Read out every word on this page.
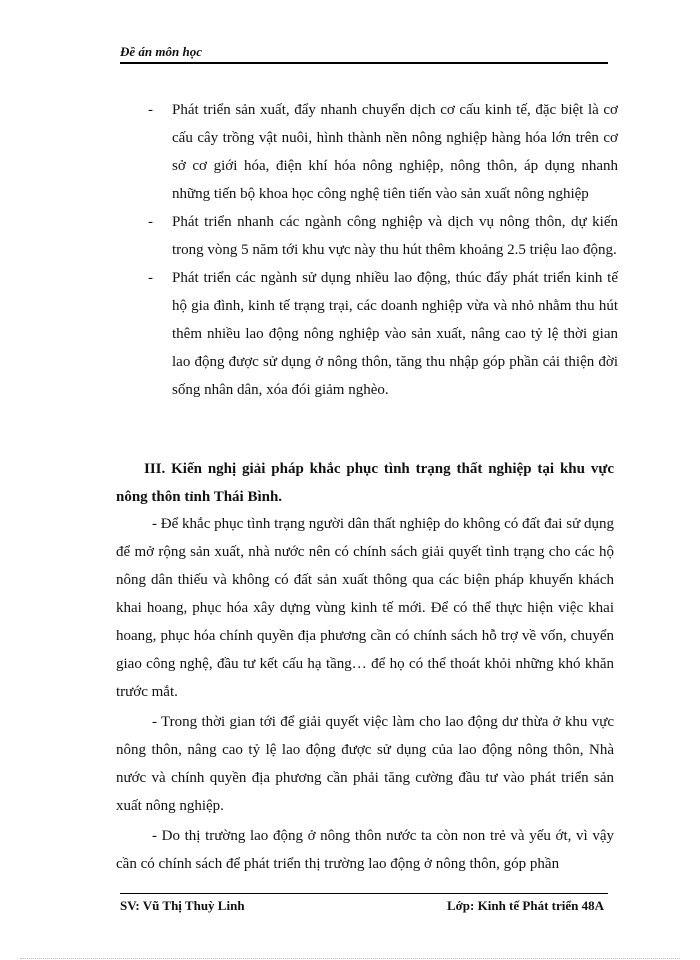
Đề án môn học
- Phát triển sản xuất, đẩy nhanh chuyển dịch cơ cấu kinh tế, đặc biệt là cơ cấu cây trồng vật nuôi, hình thành nền nông nghiệp hàng hóa lớn trên cơ sở cơ giới hóa, điện khí hóa nông nghiệp, nông thôn, áp dụng nhanh những tiến bộ khoa học công nghệ tiên tiến vào sản xuất nông nghiệp

- Phát triển nhanh các ngành công nghiệp và dịch vụ nông thôn, dự kiến trong vòng 5 năm tới khu vực này thu hút thêm khoảng 2.5 triệu lao động.

- Phát triển các ngành sử dụng nhiều lao động, thúc đẩy phát triển kinh tế hộ gia đình, kinh tế trạng trại, các doanh nghiệp vừa và nhỏ nhằm thu hút thêm nhiều lao động nông nghiệp vào sản xuất, nâng cao tỷ lệ thời gian lao động được sử dụng ở nông thôn, tăng thu nhập góp phần cải thiện đời sống nhân dân, xóa đói giảm nghèo.

III. Kiến nghị giải pháp khắc phục tình trạng thất nghiệp tại khu vực nông thôn tỉnh Thái Bình.

- Để khắc phục tình trạng người dân thất nghiệp do không có đất đai sử dụng để mở rộng sản xuất, nhà nước nên có chính sách giải quyết tình trạng cho các hộ nông dân thiếu và không có đất sản xuất thông qua các biện pháp khuyến khách khai hoang, phục hóa xây dựng vùng kinh tế mới. Để có thể thực hiện việc khai hoang, phục hóa chính quyền địa phương cần có chính sách hỗ trợ về vốn, chuyển giao công nghệ, đầu tư kết cấu hạ tầng… để họ có thể thoát khỏi những khó khăn trước mắt.

- Trong thời gian tới để giải quyết việc làm cho lao động dư thừa ở khu vực nông thôn, nâng cao tỷ lệ lao động được sử dụng của lao động nông thôn, Nhà nước và chính quyền địa phương cần phải tăng cường đầu tư vào phát triển sản xuất nông nghiệp.

- Do thị trường lao động ở nông thôn nước ta còn non trẻ và yếu ớt, vì vậy cần có chính sách để phát triển thị trường lao động ở nông thôn, góp phần

SV: Vũ Thị Thuỳ Linh	Lớp: Kinh tế Phát triển 48A
